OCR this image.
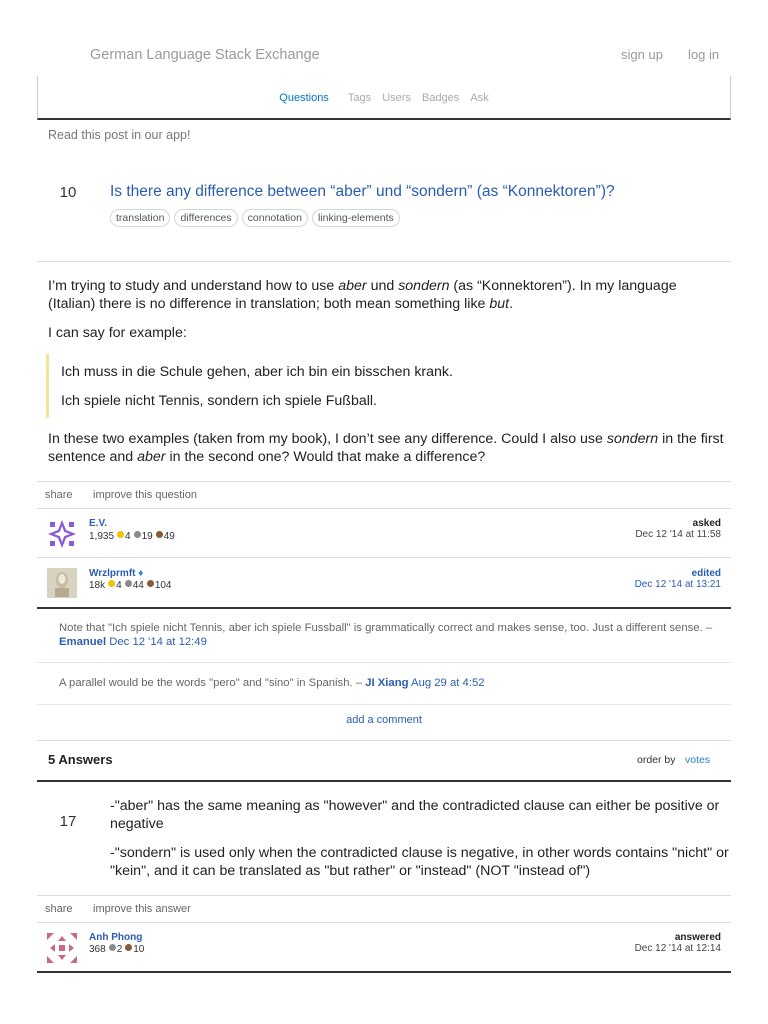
German Language Stack Exchange	sign up log in
Questions Tags Users Badges Ask
Read this post in our app!
10 Is there any difference between “aber” und “sondern” (as “Konnektoren”)?
translation differences connotation linking-elements
I’m trying to study and understand how to use aber und sondern (as “Konnektoren”). In my language (Italian) there is no difference in translation; both mean something like but.
I can say for example:
Ich muss in die Schule gehen, aber ich bin ein bisschen krank.
Ich spiele nicht Tennis, sondern ich spiele Fußball.
In these two examples (taken from my book), I don’t see any difference. Could I also use sondern in the first sentence and aber in the second one? Would that make a difference?
share improve this question
E.V.
1,935 4 19 49
asked
Dec 12 '14 at 11:58
Wrzlprmft ♦
18k 4 44 104
edited
Dec 12 '14 at 13:21
Note that "Ich spiele nicht Tennis, aber ich spiele Fussball" is grammatically correct and makes sense, too. Just a different sense. – Emanuel Dec 12 '14 at 12:49
A parallel would be the words "pero" and "sino" in Spanish. – JI Xiang Aug 29 at 4:52
add a comment
5 Answers	order by votes
17
-"aber" has the same meaning as "however" and the contradicted clause can either be positive or negative
-"sondern" is used only when the contradicted clause is negative, in other words contains "nicht" or "kein", and it can be translated as "but rather" or "instead" (NOT "instead of")
share improve this answer
Anh Phong
368 2 10
answered
Dec 12 '14 at 12:14
